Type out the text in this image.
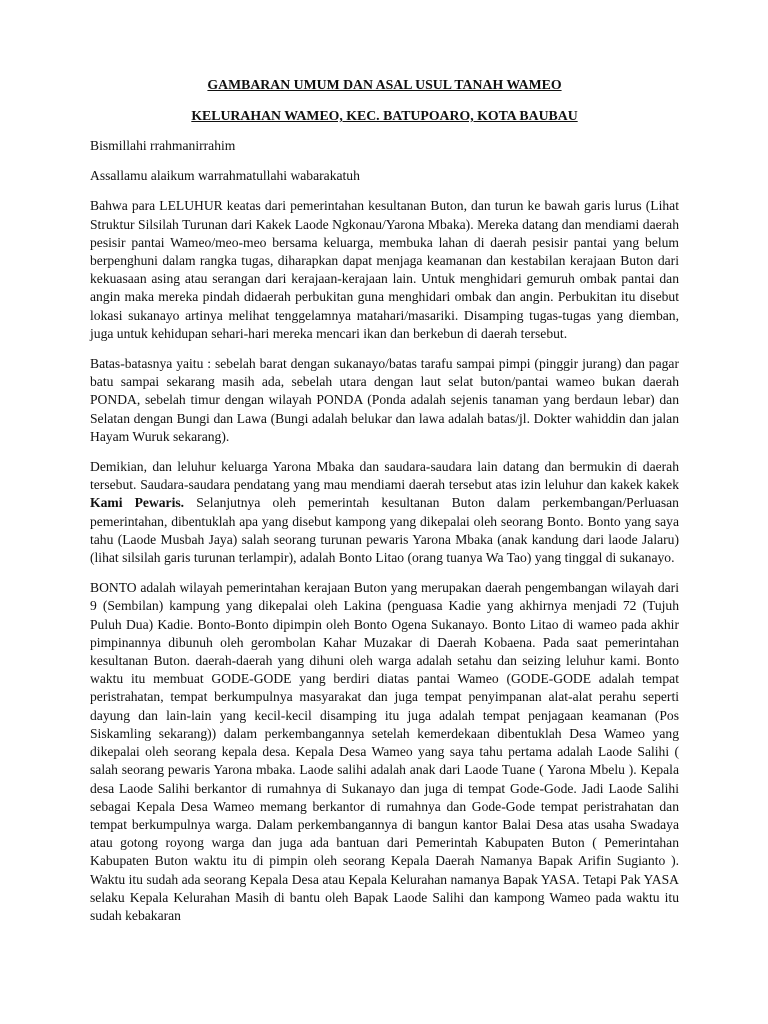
GAMBARAN UMUM DAN ASAL USUL TANAH WAMEO

KELURAHAN WAMEO, KEC. BATUPOARO, KOTA BAUBAU

Bismillahi rrahmanirrahim

Assallamu alaikum warrahmatullahi wabarakatuh

Bahwa para LELUHUR keatas dari pemerintahan kesultanan Buton, dan turun ke bawah garis lurus (Lihat Struktur Silsilah Turunan dari Kakek Laode Ngkonau/Yarona Mbaka). Mereka datang dan mendiami daerah pesisir pantai Wameo/meo-meo bersama keluarga, membuka lahan di daerah pesisir pantai yang belum berpenghuni dalam rangka tugas, diharapkan dapat menjaga keamanan dan kestabilan kerajaan Buton dari kekuasaan asing atau serangan dari kerajaan-kerajaan lain. Untuk menghidari gemuruh ombak pantai dan angin maka mereka pindah didaerah perbukitan guna menghidari ombak dan angin. Perbukitan itu disebut lokasi sukanayo artinya melihat tenggelamnya matahari/masariki. Disamping tugas-tugas yang diemban, juga untuk kehidupan sehari-hari mereka mencari ikan dan berkebun di daerah tersebut.

Batas-batasnya yaitu : sebelah barat dengan sukanayo/batas tarafu sampai pimpi (pinggir jurang) dan pagar batu sampai sekarang masih ada, sebelah utara dengan laut selat buton/pantai wameo bukan daerah PONDA, sebelah timur dengan wilayah PONDA (Ponda adalah sejenis tanaman yang berdaun lebar) dan Selatan dengan Bungi dan Lawa (Bungi adalah belukar dan lawa adalah batas/jl. Dokter wahiddin dan jalan Hayam Wuruk sekarang).

Demikian, dan leluhur keluarga Yarona Mbaka dan saudara-saudara lain datang dan bermukin di daerah tersebut. Saudara-saudara pendatang yang mau mendiami daerah tersebut atas izin leluhur dan kakek kakek Kami Pewaris. Selanjutnya oleh pemerintah kesultanan Buton dalam perkembangan/Perluasan pemerintahan, dibentuklah apa yang disebut kampong yang dikepalai oleh seorang Bonto. Bonto yang saya tahu (Laode Musbah Jaya) salah seorang turunan pewaris Yarona Mbaka (anak kandung dari laode Jalaru) (lihat silsilah garis turunan terlampir), adalah Bonto Litao (orang tuanya Wa Tao) yang tinggal di sukanayo.

BONTO adalah wilayah pemerintahan kerajaan Buton yang merupakan daerah pengembangan wilayah dari 9 (Sembilan) kampung yang dikepalai oleh Lakina (penguasa Kadie yang akhirnya menjadi 72 (Tujuh Puluh Dua) Kadie. Bonto-Bonto dipimpin oleh Bonto Ogena Sukanayo. Bonto Litao di wameo pada akhir pimpinannya dibunuh oleh gerombolan Kahar Muzakar di Daerah Kobaena. Pada saat pemerintahan kesultanan Buton. daerah-daerah yang dihuni oleh warga adalah setahu dan seizing leluhur kami. Bonto waktu itu membuat GODE-GODE yang berdiri diatas pantai Wameo (GODE-GODE adalah tempat peristrahatan, tempat berkumpulnya masyarakat dan juga tempat penyimpanan alat-alat perahu seperti dayung dan lain-lain yang kecil-kecil disamping itu juga adalah tempat penjagaan keamanan (Pos Siskamling sekarang)) dalam perkembangannya setelah kemerdekaan dibentuklah Desa Wameo yang dikepalai oleh seorang kepala desa. Kepala Desa Wameo yang saya tahu pertama adalah Laode Salihi ( salah seorang pewaris Yarona mbaka. Laode salihi adalah anak dari Laode Tuane ( Yarona Mbelu ). Kepala desa Laode Salihi berkantor di rumahnya di Sukanayo dan juga di tempat Gode-Gode. Jadi Laode Salihi sebagai Kepala Desa Wameo memang berkantor di rumahnya dan Gode-Gode tempat peristrahatan dan tempat berkumpulnya warga. Dalam perkembangannya di bangun kantor Balai Desa atas usaha Swadaya atau gotong royong warga dan juga ada bantuan dari Pemerintah Kabupaten Buton ( Pemerintahan Kabupaten Buton waktu itu di pimpin oleh seorang Kepala Daerah Namanya Bapak Arifin Sugianto ). Waktu itu sudah ada seorang Kepala Desa atau Kepala Kelurahan namanya Bapak YASA. Tetapi Pak YASA selaku Kepala Kelurahan Masih di bantu oleh Bapak Laode Salihi dan kampong Wameo pada waktu itu sudah kebakaran
